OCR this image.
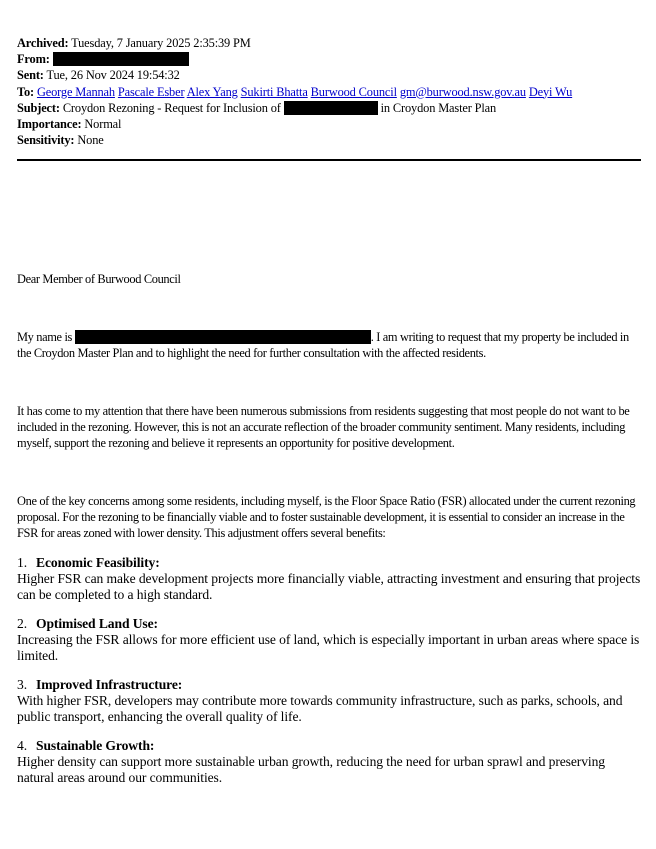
Archived: Tuesday, 7 January 2025 2:35:39 PM
From:
Sent: Tue, 26 Nov 2024 19:54:32
To: George Mannah Pascale Esber Alex Yang Sukirti Bhatta Burwood Council gm@burwood.nsw.gov.au Deyi Wu
Subject: Croydon Rezoning - Request for Inclusion of	in Croydon Master Plan
Importance: Normal
Sensitivity: None

Dear Member of Burwood Council

My name is	. I am writing to request that my property be included in the Croydon Master Plan and to highlight the need for further consultation with the affected residents.

It has come to my attention that there have been numerous submissions from residents suggesting that most people do not want to be included in the rezoning. However, this is not an accurate reflection of the broader community sentiment. Many residents, including myself, support the rezoning and believe it represents an opportunity for positive development.

One of the key concerns among some residents, including myself, is the Floor Space Ratio (FSR) allocated under the current rezoning proposal. For the rezoning to be financially viable and to foster sustainable development, it is essential to consider an increase in the FSR for areas zoned with lower density. This adjustment offers several benefits:

1. Economic Feasibility:

Higher FSR can make development projects more financially viable, attracting investment and ensuring that projects can be completed to a high standard.

2. Optimised Land Use:

Increasing the FSR allows for more efficient use of land, which is especially important in urban areas where space is limited.

3. Improved Infrastructure:

With higher FSR, developers may contribute more towards community infrastructure, such as parks, schools, and public transport, enhancing the overall quality of life.

4. Sustainable Growth:

Higher density can support more sustainable urban growth, reducing the need for urban sprawl and preserving natural areas around our communities.
